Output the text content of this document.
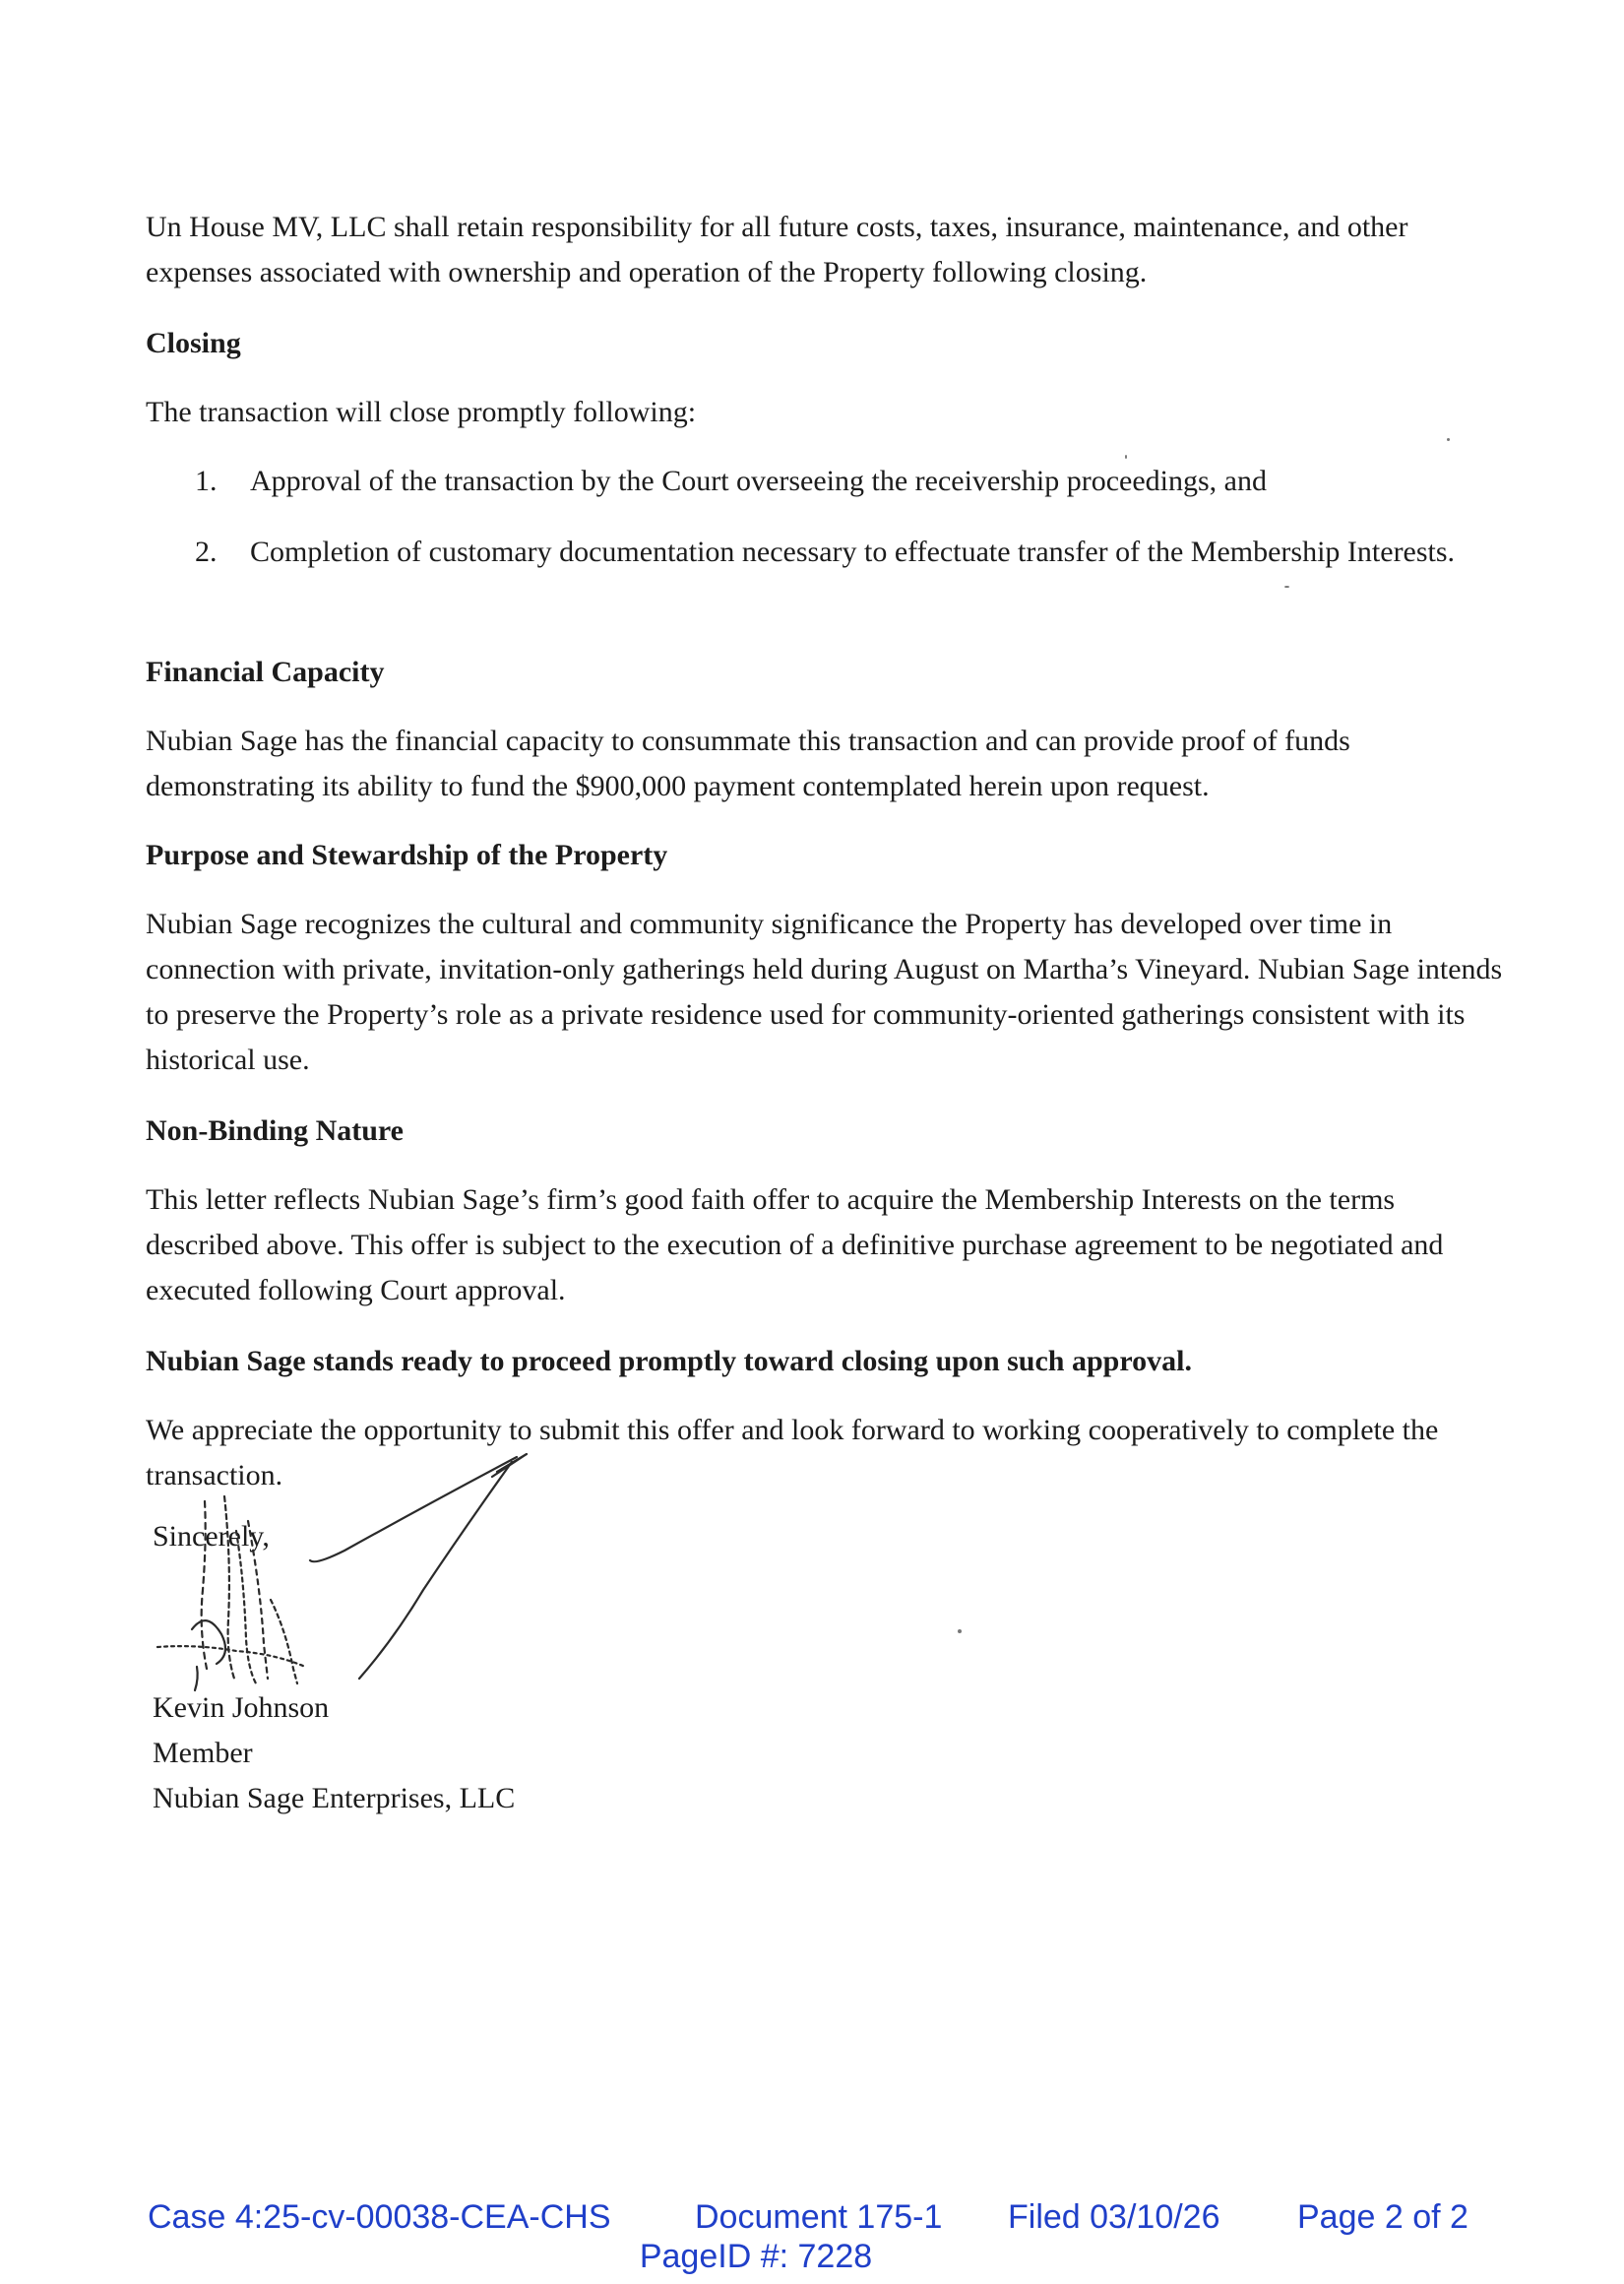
Un House MV, LLC shall retain responsibility for all future costs, taxes, insurance, maintenance, and other expenses associated with ownership and operation of the Property following closing.

Closing

The transaction will close promptly following:

1.	Approval of the transaction by the Court overseeing the receivership proceedings, and
2.	Completion of customary documentation necessary to effectuate transfer of the Membership Interests.

Financial Capacity

Nubian Sage has the financial capacity to consummate this transaction and can provide proof of funds demonstrating its ability to fund the $900,000 payment contemplated herein upon request.

Purpose and Stewardship of the Property

Nubian Sage recognizes the cultural and community significance the Property has developed over time in connection with private, invitation-only gatherings held during August on Martha’s Vineyard. Nubian Sage intends to preserve the Property’s role as a private residence used for community-oriented gatherings consistent with its historical use.

Non-Binding Nature

This letter reflects Nubian Sage’s firm’s good faith offer to acquire the Membership Interests on the terms described above. This offer is subject to the execution of a definitive purchase agreement to be negotiated and executed following Court approval.

Nubian Sage stands ready to proceed promptly toward closing upon such approval.

We appreciate the opportunity to submit this offer and look forward to working cooperatively to complete the transaction.

Sincerely,

Kevin Johnson

Member

Nubian Sage Enterprises, LLC

Case 4:25-cv-00038-CEA-CHS	Document 175-1 Filed 03/10/26 Page 2 of 2
PageID #: 7228
